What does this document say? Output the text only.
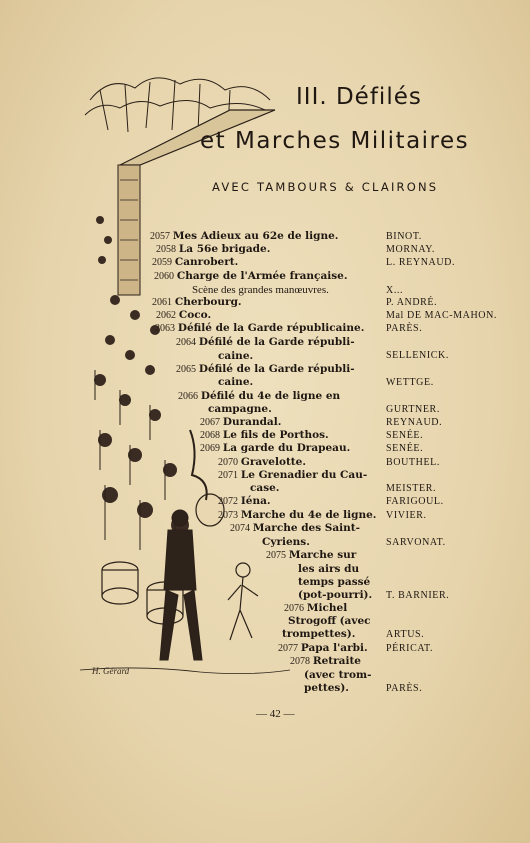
H. Gérard
III. Défilés
et Marches Militaires
AVEC TAMBOURS & CLAIRONS
2057 Mes Adieux au 62e de ligne.	BINOT.
2058 La 56e brigade.	MORNAY.
2059 Canrobert.	L. REYNAUD.
2060 Charge de l'Armée française.
Scène des grandes manœuvres.	X...
2061 Cherbourg.	P. ANDRÉ.
2062 Coco.	Mal DE MAC-MAHON.
2063 Défilé de la Garde républicaine. PARÈS.
2064 Défilé de la Garde républi-
caine.	SELLENICK.
2065 Défilé de la Garde républi-
caine.	WETTGE.
2066 Défilé du 4e de ligne en
campagne.	GURTNER.
2067 Durandal.	REYNAUD.
2068 Le fils de Porthos.	SENÉE.
2069 La garde du Drapeau.	SENÉE.
2070 Gravelotte.	BOUTHEL.
2071 Le Grenadier du Cau-
case.	MEISTER.
2072 Iéna.	FARIGOUL.
2073 Marche du 4e de ligne. VIVIER.
2074 Marche des Saint-
Cyriens.	SARVONAT.
2075 Marche sur
les airs du
temps passé
(pot-pourri). T. BARNIER.
2076 Michel
Strogoff (avec
trompettes).	ARTUS.
2077 Papa l'arbi. PÉRICAT.
2078 Retraite
(avec trom-
pettes).	PARÈS.
— 42 —
